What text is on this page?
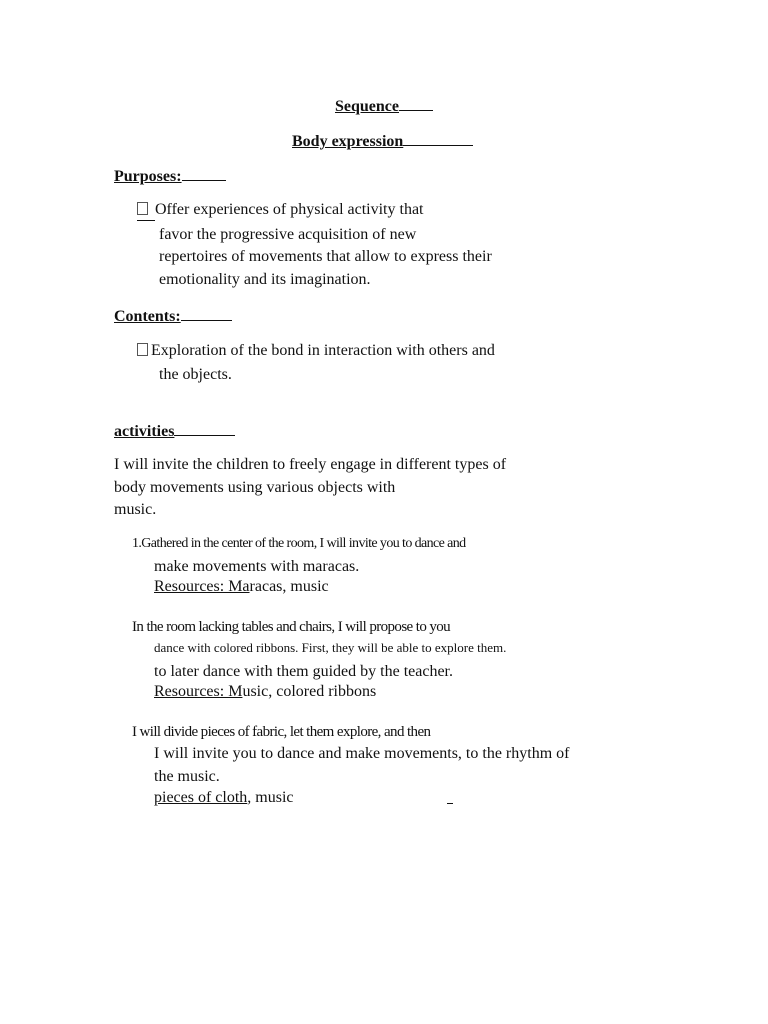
Sequence
Body expression
Purposes:
Offer experiences of physical activity that
favor the progressive acquisition of new
repertoires of movements that allow to express their
emotionality and its imagination.
Contents:
Exploration of the bond in interaction with others and
the objects.
activities
I will invite the children to freely engage in different types of
body movements using various objects with
music.
1.Gathered in the center of the room, I will invite you to dance and
make movements with maracas.
Resources: Maracas, music
In the room lacking tables and chairs, I will propose to you
dance with colored ribbons. First, they will be able to explore them.
to later dance with them guided by the teacher.
Resources: Music, colored ribbons
I will divide pieces of fabric, let them explore, and then
I will invite you to dance and make movements, to the rhythm of
the music.
pieces of cloth, music
